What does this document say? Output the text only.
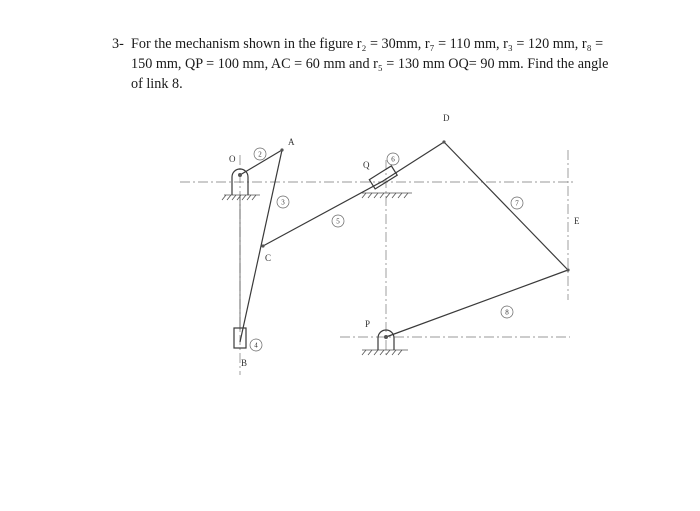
3- For the mechanism shown in the figure r₂ = 30mm, r₇ = 110 mm, r₃ = 120 mm, r₈ =
150 mm, QP = 100 mm, AC = 60 mm and r₅ = 130 mm OQ= 90 mm. Find the angle
of link 8.
O
A
B
C
D
E
P
Q
2
3
4
5
6
7
8
